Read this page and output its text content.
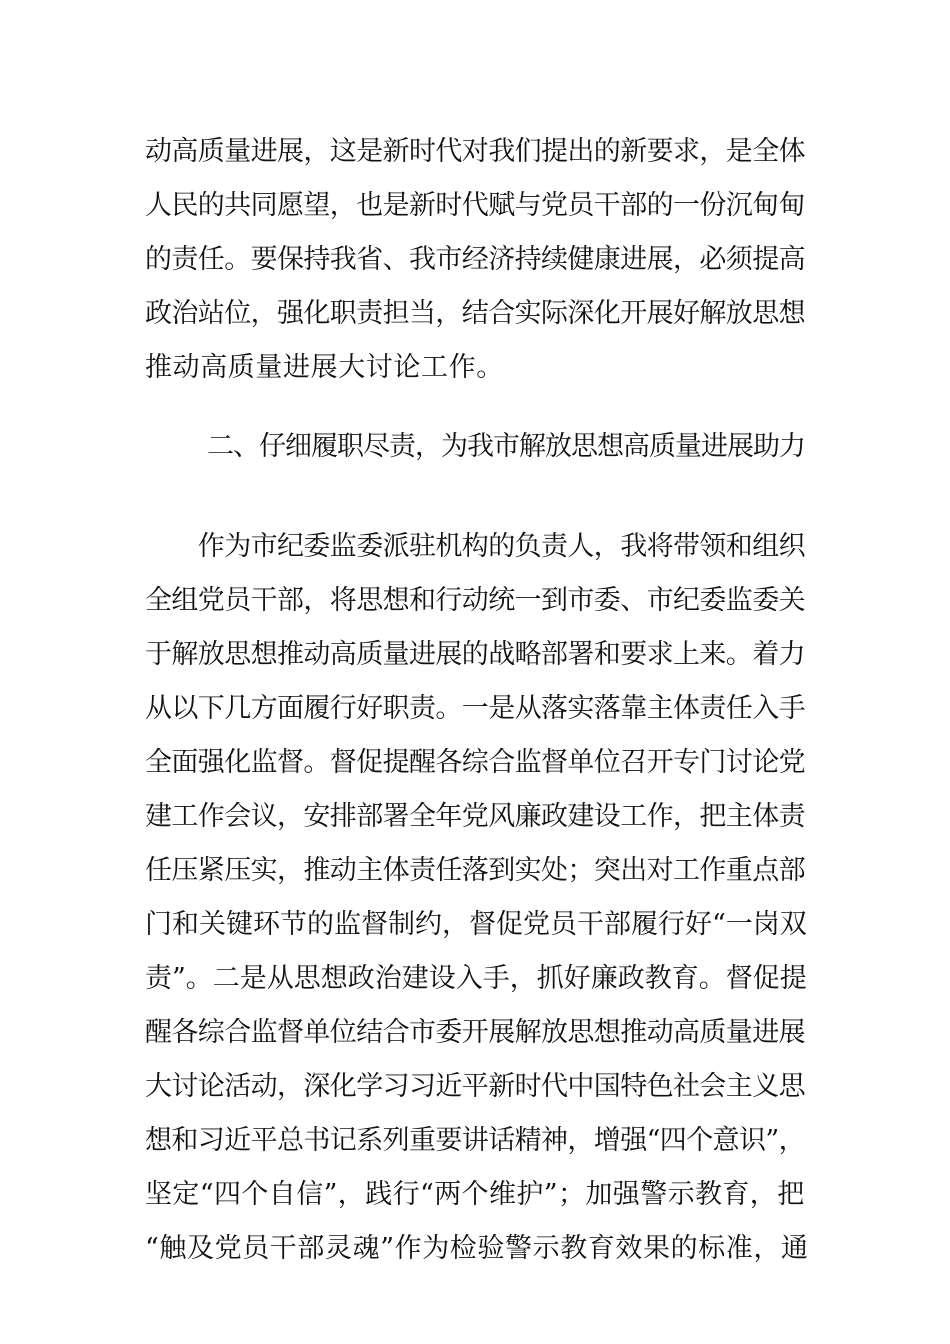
动高质量进展，这是新时代对我们提出的新要求，是全体
人民的共同愿望，也是新时代赋与党员干部的一份沉甸甸
的责任。要保持我省、我市经济持续健康进展，必须提高
政治站位，强化职责担当，结合实际深化开展好解放思想
推动高质量进展大讨论工作。
二、仔细履职尽责，为我市解放思想高质量进展助力
　　作为市纪委监委派驻机构的负责人，我将带领和组织
全组党员干部，将思想和行动统一到市委、市纪委监委关
于解放思想推动高质量进展的战略部署和要求上来。着力
从以下几方面履行好职责。一是从落实落靠主体责任入手
全面强化监督。督促提醒各综合监督单位召开专门讨论党
建工作会议，安排部署全年党风廉政建设工作，把主体责
任压紧压实，推动主体责任落到实处；突出对工作重点部
门和关键环节的监督制约，督促党员干部履行好“一岗双
责”。二是从思想政治建设入手，抓好廉政教育。督促提
醒各综合监督单位结合市委开展解放思想推动高质量进展
大讨论活动，深化学习习近平新时代中国特色社会主义思
想和习近平总书记系列重要讲话精神，增强“四个意识”，
坚定“四个自信”，践行“两个维护”；加强警示教育，把
“触及党员干部灵魂”作为检验警示教育效果的标准，通
